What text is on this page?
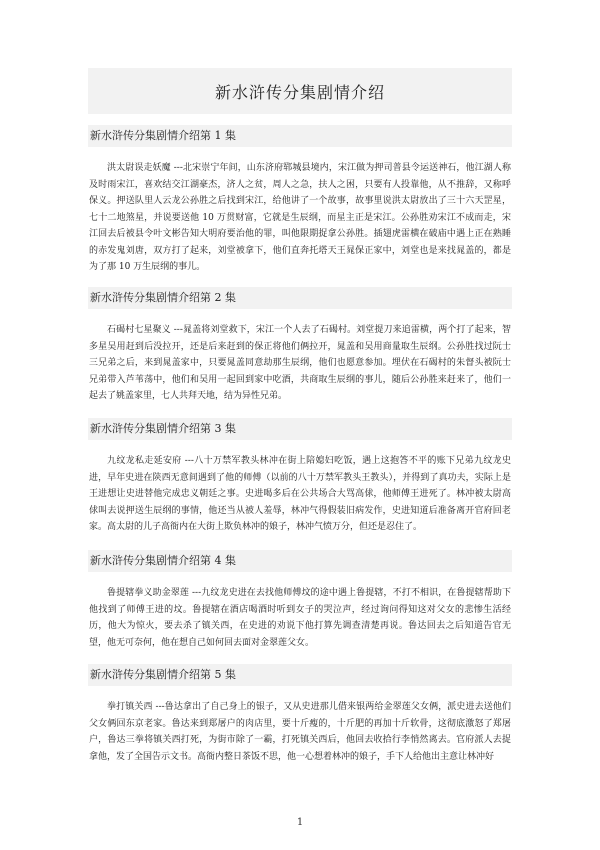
新水浒传分集剧情介绍
新水浒传分集剧情介绍第 1 集
洪太尉误走妖魔 ---北宋崇宁年间，山东济府郓城县境内，宋江做为押司普县令运送神石，他江湖人称及时雨宋江，喜欢结交江湖豪杰，济人之贫，周人之急，扶人之困，只要有人投靠他，从不推辞，又称呼保义。押送队里人云龙公孙胜之后找到宋江，给他讲了一个故事，故事里说洪太尉放出了三十六天罡星，七十二地煞星，并说要送他 10 万贯财富，它就是生辰纲，而星主正是宋江。公孙胜劝宋江不成而走，宋江回去后被县令叶文彬告知大明府要治他的罪，叫他限期捉拿公孙胜。插翅虎雷横在破庙中遇上正在熟睡的赤发鬼刘唐，双方打了起来，刘堂被拿下，他们直奔托塔天王晁保正家中，刘堂也是来找晁盖的，都是为了那 10 万生辰纲的事儿。
新水浒传分集剧情介绍第 2 集
石碣村七星聚义 ---晁盖将刘堂救下，宋江一个人去了石碣村。刘堂提刀来追雷横，两个打了起来，智多星吴用赶到后没拉开，还是后来赶到的保正将他们俩拉开，晁盖和吴用商量取生辰纲。公孙胜找过阮士三兄弟之后，来到晁盖家中，只要晁盖同意劫那生辰纲，他们也愿意参加。埋伏在石碣村的朱督头被阮士兄弟带入芦苇荡中，他们和吴用一起回到家中吃酒，共商取生辰纲的事儿，随后公孙胜来赶来了，他们一起去了姚盖家里，七人共拜天地，结为异性兄弟。
新水浒传分集剧情介绍第 3 集
九纹龙私走延安府 ---八十万禁军教头林冲在街上陪媳妇吃饭，遇上这抱答不平的账下兄弟九纹龙史进，早年史进在陕西无意间遇到了他的师傅（以前的八十万禁军教头王教头），并得到了真功夫，实际上是王进想让史进替他完成忠义朝廷之事。史进喝多后在公共场合大骂高俅，他师傅王进死了。林冲被太尉高俅叫去说押送生辰纲的事情，他还当从被人羞辱，林冲气得假装旧病发作，史进知道后准备离开官府回老家。高太尉的儿子高衙内在大街上欺负林冲的娘子，林冲气愤万分，但还是忍住了。
新水浒传分集剧情介绍第 4 集
鲁提辖拳义助金翠莲 ---九纹龙史进在去找他师傅坟的途中遇上鲁提辖，不打不相识，在鲁提辖帮助下他找到了师傅王进的坟。鲁提辖在酒店喝酒时听到女子的哭泣声，经过询问得知这对父女的悲惨生活经历，他大为惊火，要去杀了镇关西，在史进的劝说下他打算先调查清楚再说。鲁达回去之后知道告官无望，他无可奈何，他在想自己如何回去面对金翠莲父女。
新水浒传分集剧情介绍第 5 集
拳打镇关西 ---鲁达拿出了自己身上的银子，又从史进那儿借来银两给金翠莲父女俩，派史进去送他们父女俩回东京老家。鲁达来到郑屠户的肉店里，要十斤瘦的，十斤肥的再加十斤软骨，这彻底激怒了郑屠户，鲁达三拳将镇关西打死，为街市除了一霸，打死镇关西后，他回去收拾行李悄然离去。官府派人去捉拿他，发了全国告示文书。高衙内整日茶饭不思，他一心想着林冲的娘子，手下人给他出主意让林冲好
1
